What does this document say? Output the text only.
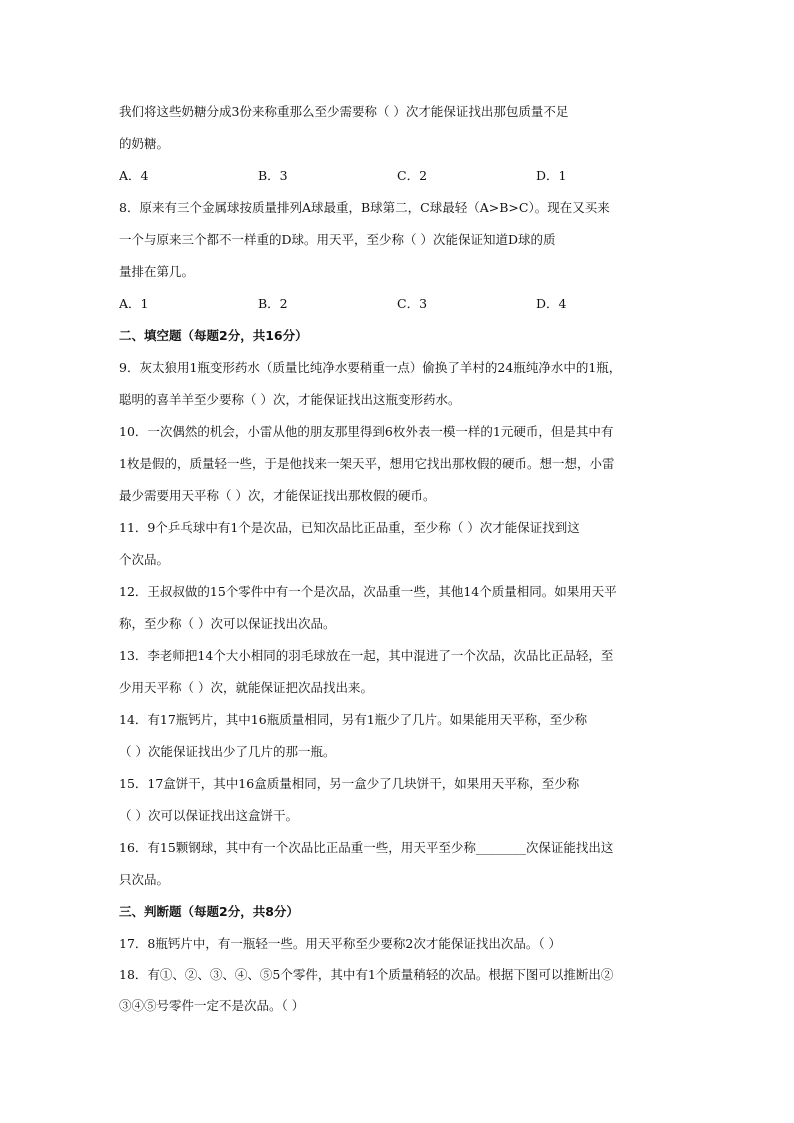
我们将这些奶糖分成3份来称重那么至少需要称（ ）次才能保证找出那包质量不足
的奶糖。
A．4	B．3	C．2	D．1
8．原来有三个金属球按质量排列A球最重，B球第二，C球最轻（A>B>C）。现在又买来
一个与原来三个都不一样重的D球。用天平，至少称（ ）次能保证知道D球的质
量排在第几。
A．1	B．2	C．3	D．4
二、填空题（每题2分，共16分）
9．灰太狼用1瓶变形药水（质量比纯净水要稍重一点）偷换了羊村的24瓶纯净水中的1瓶，
聪明的喜羊羊至少要称（ ）次，才能保证找出这瓶变形药水。
10．一次偶然的机会，小雷从他的朋友那里得到6枚外表一模一样的1元硬币，但是其中有
1枚是假的，质量轻一些，于是他找来一架天平，想用它找出那枚假的硬币。想一想，小雷
最少需要用天平称（ ）次，才能保证找出那枚假的硬币。
11．9个乒乓球中有1个是次品，已知次品比正品重，至少称（ ）次才能保证找到这
个次品。
12．王叔叔做的15个零件中有一个是次品，次品重一些，其他14个质量相同。如果用天平
称，至少称（ ）次可以保证找出次品。
13．李老师把14个大小相同的羽毛球放在一起，其中混进了一个次品，次品比正品轻，至
少用天平称（ ）次，就能保证把次品找出来。
14．有17瓶钙片，其中16瓶质量相同，另有1瓶少了几片。如果能用天平称，至少称
（ ）次能保证找出少了几片的那一瓶。
15．17盒饼干，其中16盒质量相同，另一盒少了几块饼干，如果用天平称，至少称
（ ）次可以保证找出这盒饼干。
16．有15颗钢球，其中有一个次品比正品重一些，用天平至少称________次保证能找出这
只次品。
三、判断题（每题2分，共8分）
17．8瓶钙片中，有一瓶轻一些。用天平称至少要称2次才能保证找出次品。（ ）
18．有①、②、③、④、⑤5个零件，其中有1个质量稍轻的次品。根据下图可以推断出②
③④⑤号零件一定不是次品。（ ）
